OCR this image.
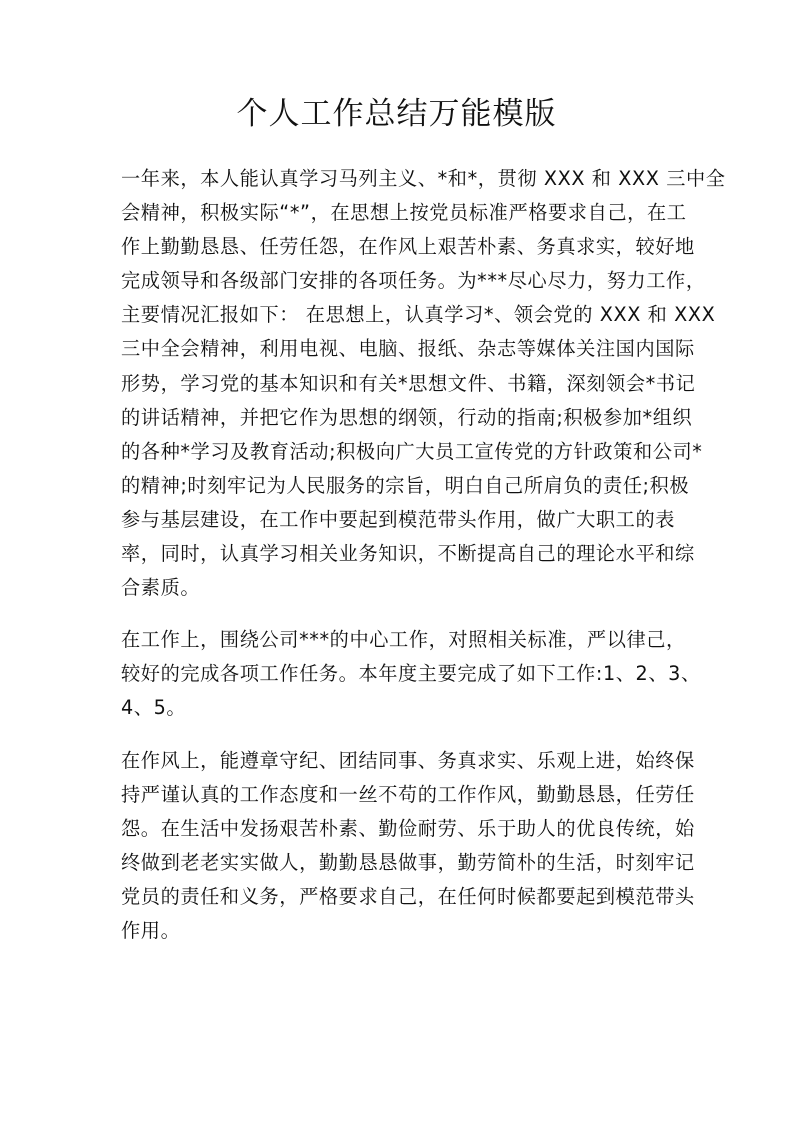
个人工作总结万能模版
一年来，本人能认真学习马列主义、*和*，贯彻 XXX 和 XXX 三中全
会精神，积极实际“*”，在思想上按党员标准严格要求自己，在工
作上勤勤恳恳、任劳任怨，在作风上艰苦朴素、务真求实，较好地
完成领导和各级部门安排的各项任务。为***尽心尽力，努力工作，
主要情况汇报如下： 在思想上，认真学习*、领会党的 XXX 和 XXX
三中全会精神，利用电视、电脑、报纸、杂志等媒体关注国内国际
形势，学习党的基本知识和有关*思想文件、书籍，深刻领会*书记
的讲话精神，并把它作为思想的纲领，行动的指南;积极参加*组织
的各种*学习及教育活动;积极向广大员工宣传党的方针政策和公司*
的精神;时刻牢记为人民服务的宗旨，明白自己所肩负的责任;积极
参与基层建设，在工作中要起到模范带头作用，做广大职工的表
率，同时，认真学习相关业务知识，不断提高自己的理论水平和综
合素质。
在工作上，围绕公司***的中心工作，对照相关标准，严以律己，
较好的完成各项工作任务。本年度主要完成了如下工作:1、2、3、
4、5。
在作风上，能遵章守纪、团结同事、务真求实、乐观上进，始终保
持严谨认真的工作态度和一丝不苟的工作作风，勤勤恳恳，任劳任
怨。在生活中发扬艰苦朴素、勤俭耐劳、乐于助人的优良传统，始
终做到老老实实做人，勤勤恳恳做事，勤劳简朴的生活，时刻牢记
党员的责任和义务，严格要求自己，在任何时候都要起到模范带头
作用。
